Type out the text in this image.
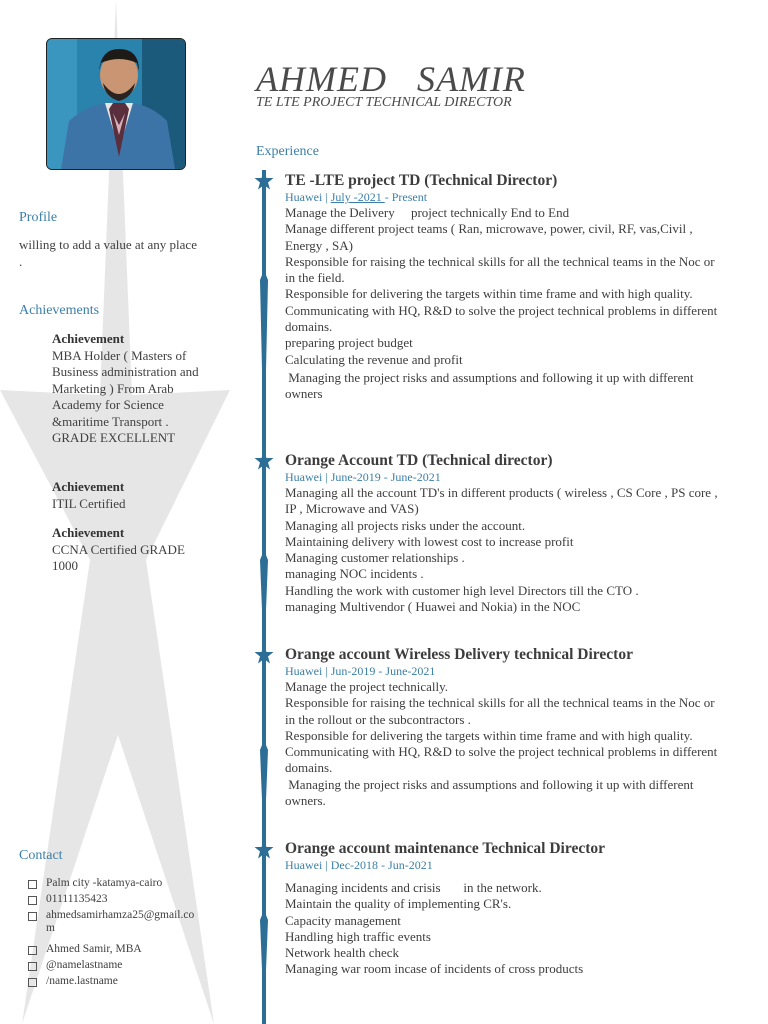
Profile
willing to add a value at any place .
Achievements
Achievement
MBA Holder ( Masters of Business administration and Marketing ) From Arab Academy for Science &maritime Transport . GRADE EXCELLENT
Achievement
ITIL Certified
Achievement
CCNA Certified GRADE 1000
Contact
Palm city -katamya-cairo
01111135423
ahmedsamirhamza25@gmail.com
Ahmed Samir, MBA
@namelastname
/name.lastname
AHMED   SAMIR
TE LTE PROJECT TECHNICAL DIRECTOR
Experience
TE -LTE project TD (Technical Director)
Huawei | July -2021 - Present
Manage the Delivery     project technically End to End
Manage different project teams ( Ran, microwave, power, civil, RF, vas,Civil , Energy , SA)
Responsible for raising the technical skills for all the technical teams in the Noc or in the field.
Responsible for delivering the targets within time frame and with high quality.
Communicating with HQ, R&D to solve the project technical problems in different domains.
preparing project budget
Calculating the revenue and profit
Managing the project risks and assumptions and following it up with different owners
Orange Account TD (Technical director)
Huawei | June-2019 - June-2021
Managing all the account TD's in different products ( wireless , CS Core , PS core , IP , Microwave and VAS)
Managing all projects risks under the account.
Maintaining delivery with lowest cost to increase profit
Managing customer relationships .
managing NOC incidents .
Handling the work with customer high level Directors till the CTO .
managing Multivendor ( Huawei and Nokia) in the NOC
Orange account Wireless Delivery technical Director
Huawei | Jun-2019 - June-2021
Manage the project technically.
Responsible for raising the technical skills for all the technical teams in the Noc or in the rollout or the subcontractors .
Responsible for delivering the targets within time frame and with high quality.
Communicating with HQ, R&D to solve the project technical problems in different domains.
Managing the project risks and assumptions and following it up with different owners.
Orange account maintenance Technical Director
Huawei | Dec-2018 - Jun-2021
Managing incidents and crisis       in the network.
Maintain the quality of implementing CR's.
Capacity management
Handling high traffic events
Network health check
Managing war room incase of incidents of cross products
